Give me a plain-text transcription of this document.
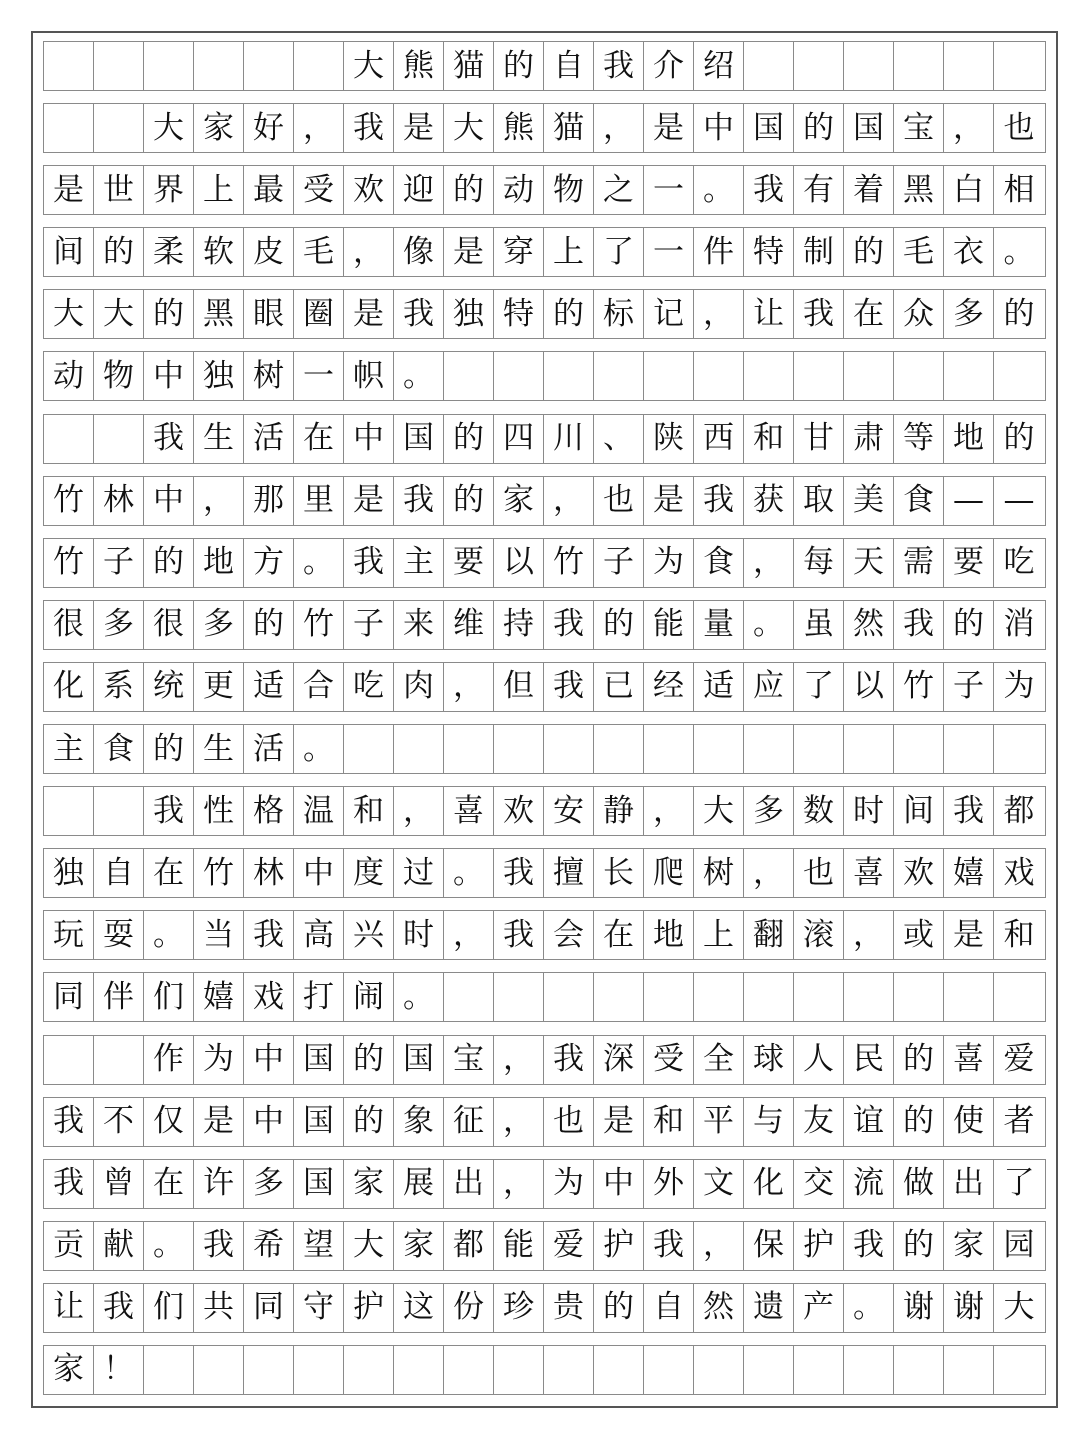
大 熊 猫 的 自 我 介 绍
大 家 好 ， 我 是 大 熊 猫 ， 是 中 国 的 国 宝 ， 也
是 世 界 上 最 受 欢 迎 的 动 物 之 一 。 我 有 着 黑 白 相
间 的 柔 软 皮 毛 ， 像 是 穿 上 了 一 件 特 制 的 毛 衣 。
大 大 的 黑 眼 圈 是 我 独 特 的 标 记 ， 让 我 在 众 多 的
动 物 中 独 树 一 帜 。
我 生 活 在 中 国 的 四 川 、 陕 西 和 甘 肃 等 地 的
竹 林 中 ， 那 里 是 我 的 家 ， 也 是 我 获 取 美 食 — —
竹 子 的 地 方 。 我 主 要 以 竹 子 为 食 ， 每 天 需 要 吃
很 多 很 多 的 竹 子 来 维 持 我 的 能 量 。 虽 然 我 的 消
化 系 统 更 适 合 吃 肉 ， 但 我 已 经 适 应 了 以 竹 子 为
主 食 的 生 活 。
我 性 格 温 和 ， 喜 欢 安 静 ， 大 多 数 时 间 我 都
独 自 在 竹 林 中 度 过 。 我 擅 长 爬 树 ， 也 喜 欢 嬉 戏
玩 耍 。 当 我 高 兴 时 ， 我 会 在 地 上 翻 滚 ， 或 是 和
同 伴 们 嬉 戏 打 闹 。
作 为 中 国 的 国 宝 ， 我 深 受 全 球 人 民 的 喜 爱
我 不 仅 是 中 国 的 象 征 ， 也 是 和 平 与 友 谊 的 使 者
我 曾 在 许 多 国 家 展 出 ， 为 中 外 文 化 交 流 做 出 了
贡 献 。 我 希 望 大 家 都 能 爱 护 我 ， 保 护 我 的 家 园
让 我 们 共 同 守 护 这 份 珍 贵 的 自 然 遗 产 。 谢 谢 大
家 ！
